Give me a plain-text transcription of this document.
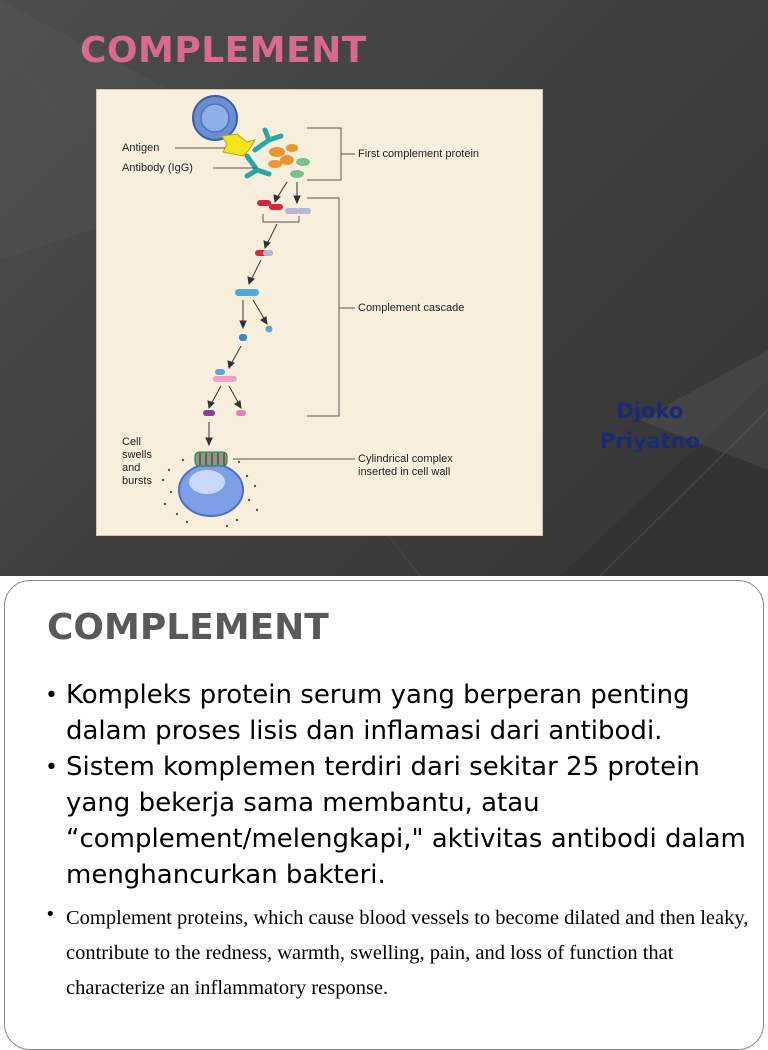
COMPLEMENT
Antigen
Antibody (IgG)
First complement protein
Complement cascade
Cell
swells
and
bursts
Cylindrical complex
inserted in cell wall
Djoko
Priyatno
COMPLEMENT
• Kompleks protein serum yang berperan penting dalam proses lisis dan inflamasi dari antibodi.
• Sistem komplemen terdiri dari sekitar 25 protein yang bekerja sama membantu, atau “complement/melengkapi," aktivitas antibodi dalam menghancurkan bakteri.
• Complement proteins, which cause blood vessels to become dilated and then leaky, contribute to the redness, warmth, swelling, pain, and loss of function that characterize an inflammatory response.
